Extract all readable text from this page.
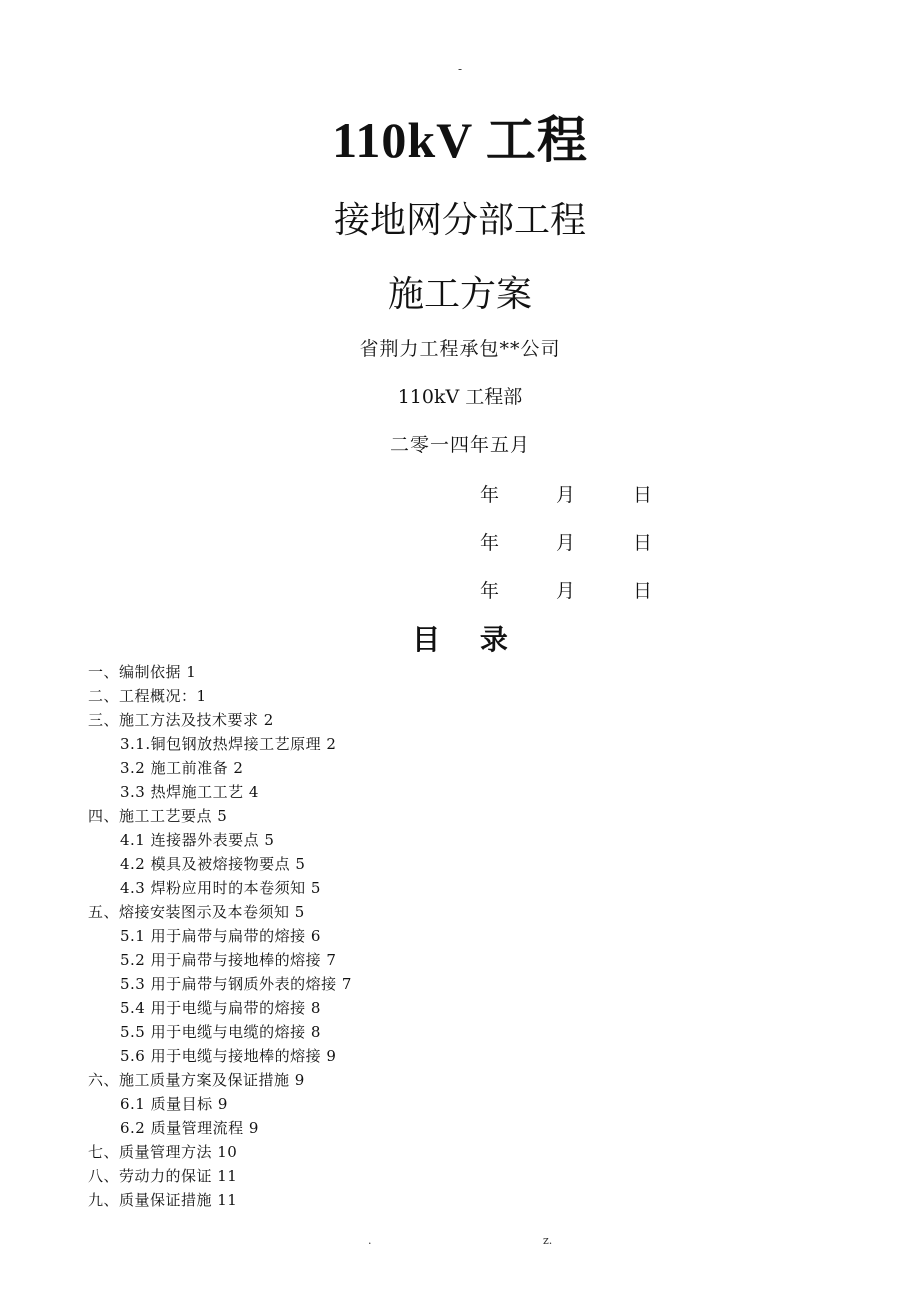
-
110kV 工程
接地网分部工程
施工方案
省荆力工程承包**公司
110kV 工程部
二零一四年五月
年	月	日
年	月	日
年	月	日
目 录
一、编制依据 1
二、工程概况：1
三、施工方法及技术要求 2
3.1.铜包钢放热焊接工艺原理 2
3.2 施工前准备 2
3.3 热焊施工工艺 4
四、施工工艺要点 5
4.1 连接器外表要点 5
4.2 模具及被熔接物要点 5
4.3 焊粉应用时的本卷须知 5
五、熔接安装图示及本卷须知 5
5.1 用于扁带与扁带的熔接 6
5.2 用于扁带与接地棒的熔接 7
5.3 用于扁带与钢质外表的熔接 7
5.4 用于电缆与扁带的熔接 8
5.5 用于电缆与电缆的熔接 8
5.6 用于电缆与接地棒的熔接 9
六、施工质量方案及保证措施 9
6.1 质量目标 9
6.2 质量管理流程 9
七、质量管理方法 10
八、劳动力的保证 11
九、质量保证措施 11
.	z.
